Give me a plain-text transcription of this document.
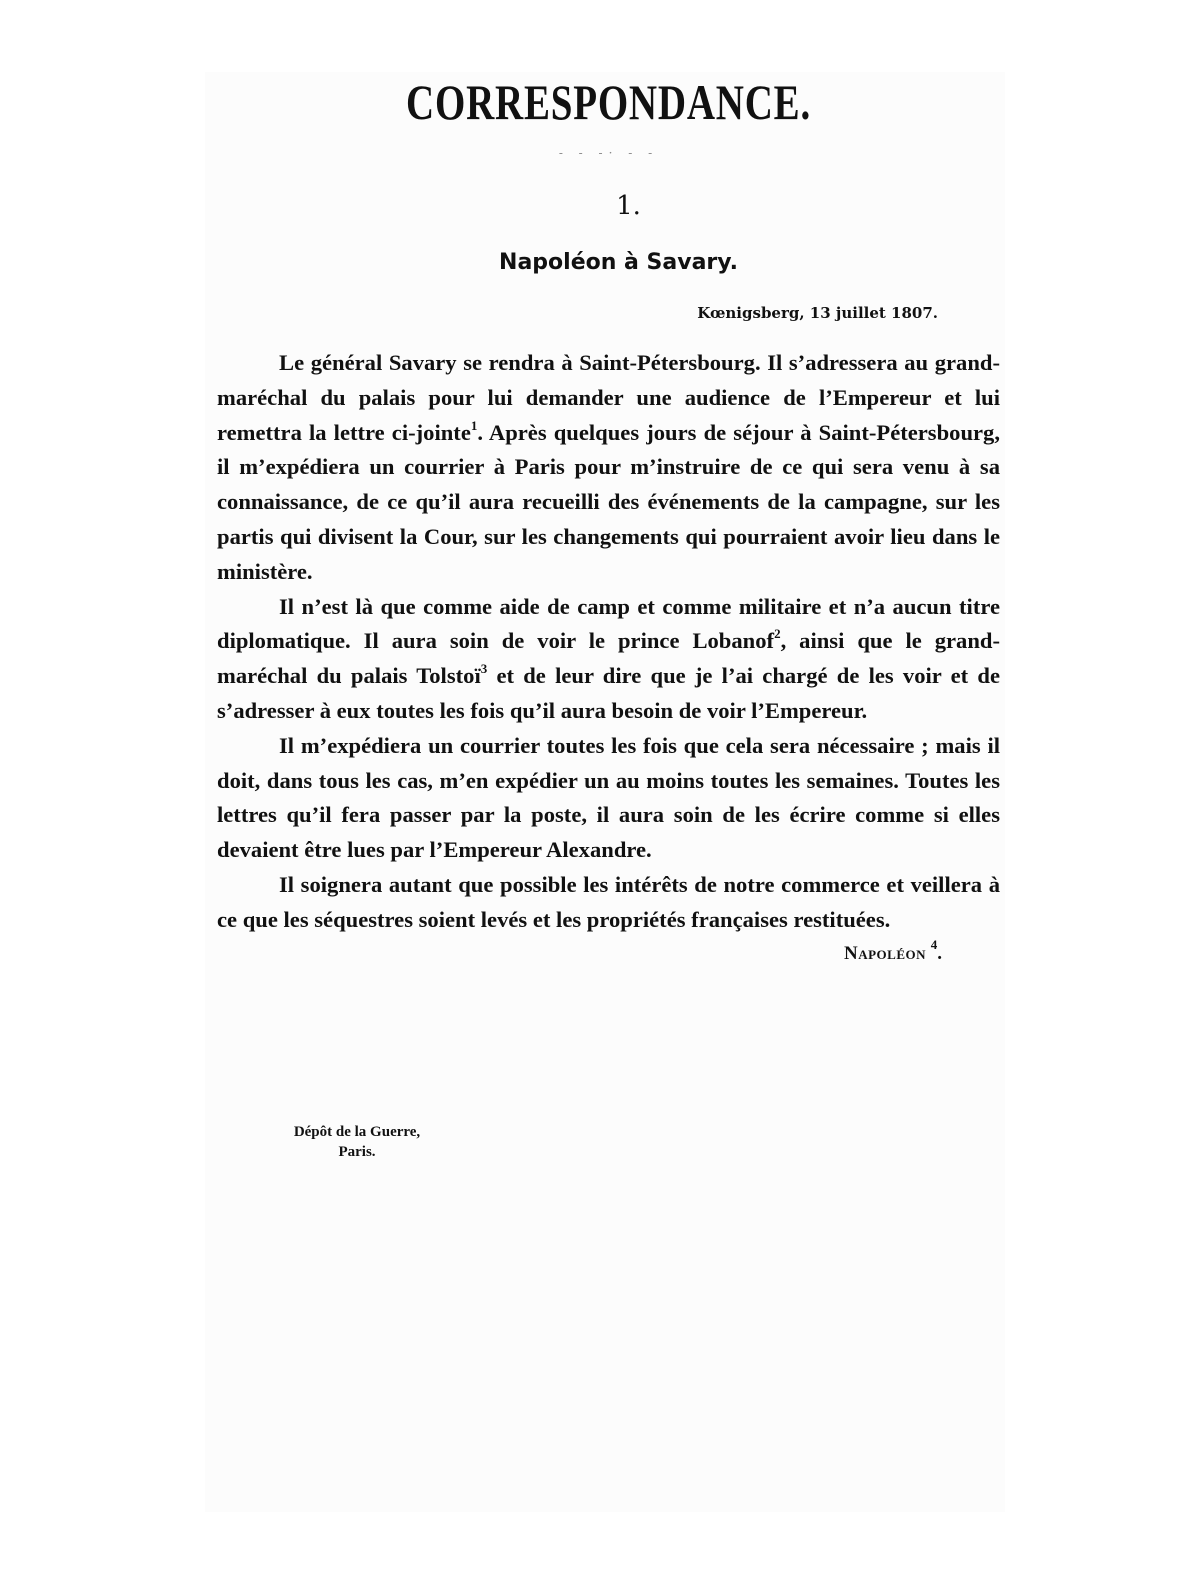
CORRESPONDANCE.
- - -· - -
1.
Napoléon à Savary.
Kœnigsberg, 13 juillet 1807.

Le général Savary se rendra à Saint-Pétersbourg. Il s’adressera au grand-maréchal du palais pour lui demander une audience de l’Empereur et lui remettra la lettre ci-jointe$^1$. Après quelques jours de séjour à Saint-Pétersbourg, il m’expédiera un courrier à Paris pour m’instruire de ce qui sera venu à sa connaissance, de ce qu’il aura recueilli des événements de la campagne, sur les partis qui divisent la Cour, sur les changements qui pourraient avoir lieu dans le ministère.

Il n’est là que comme aide de camp et comme militaire et n’a aucun titre diplomatique. Il aura soin de voir le prince Lobanof$^2$, ainsi que le grand-maréchal du palais Tolstoï$^3$ et de leur dire que je l’ai chargé de les voir et de s’adresser à eux toutes les fois qu’il aura besoin de voir l’Empereur.

Il m’expédiera un courrier toutes les fois que cela sera nécessaire ; mais il doit, dans tous les cas, m’en expédier un au moins toutes les semaines. Toutes les lettres qu’il fera passer par la poste, il aura soin de les écrire comme si elles devaient être lues par l’Empereur Alexandre.

Il soignera autant que possible les intérêts de notre commerce et veillera à ce que les séquestres soient levés et les propriétés françaises restituées.

Napoléon $^4$.
Dépôt de la Guerre,
Paris.
